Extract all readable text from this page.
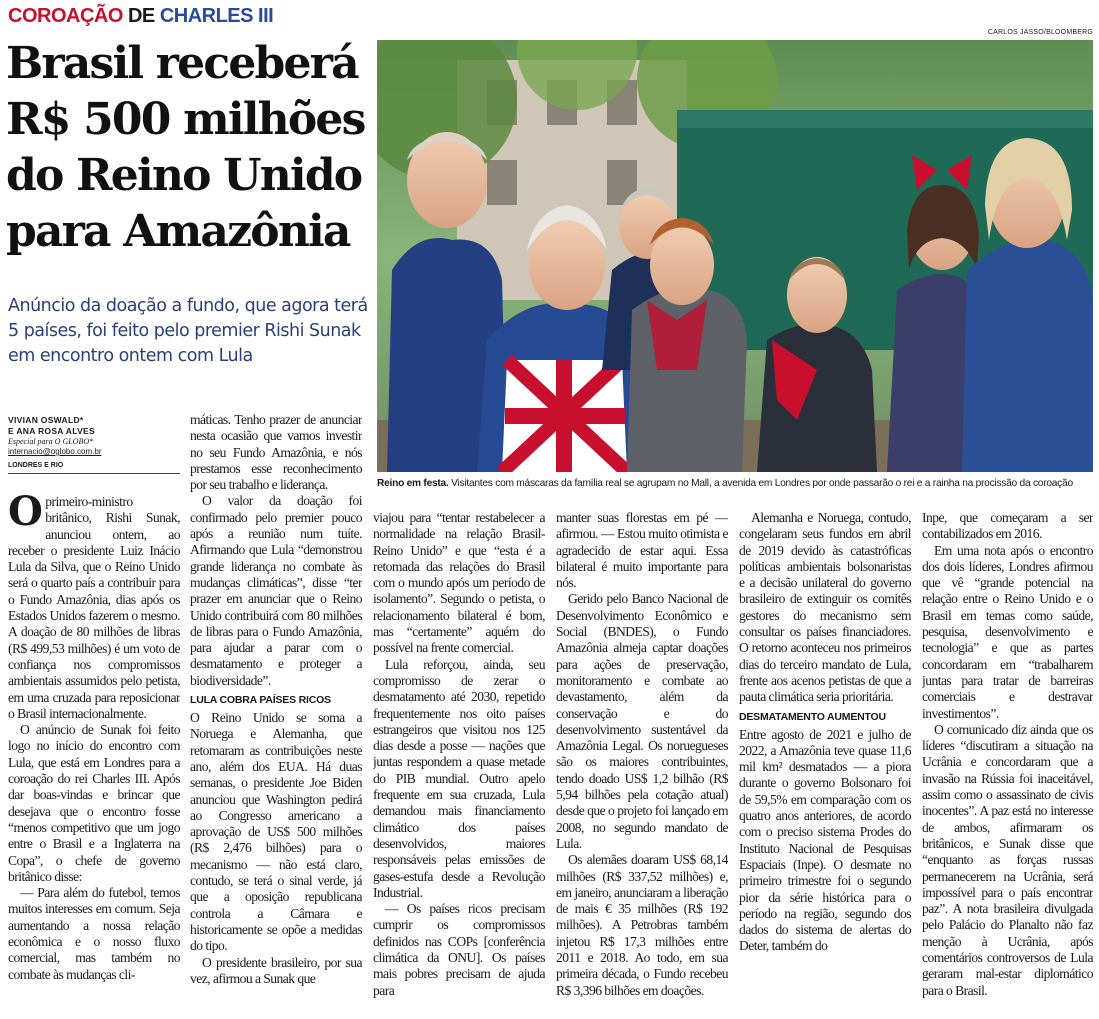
COROAÇÃO DE CHARLES III
Brasil receberá R$ 500 milhões do Reino Unido para Amazônia

Anúncio da doação a fundo, que agora terá 5 países, foi feito pelo premier Rishi Sunak em encontro ontem com Lula

CARLOS JASSO/BLOOMBERG
Reino em festa. Visitantes com máscaras da família real se agrupam no Mall, a avenida em Londres por onde passarão o rei e a rainha na procissão da coroação
VIVIAN OSWALD*
E ANA ROSA ALVES
Especial para O GLOBO*
internacio@oglobo.com.br
LONDRES E RIO

Oprimeiro-ministro britânico, Rishi Sunak, anunciou ontem, ao receber o presidente Luiz Inácio Lula da Silva, que o Reino Unido será o quarto país a contribuir para o Fundo Amazônia, dias após os Estados Unidos fazerem o mesmo. A doação de 80 milhões de libras (R$ 499,53 milhões) é um voto de confiança nos compromissos ambientais assumidos pelo petista, em uma cruzada para reposicionar o Brasil internacionalmente.

O anúncio de Sunak foi feito logo no início do encontro com Lula, que está em Londres para a coroação do rei Charles III. Após dar boas-vindas e brincar que desejava que o encontro fosse “menos competitivo que um jogo entre o Brasil e a Inglaterra na Copa”, o chefe de governo britânico disse:

— Para além do futebol, temos muitos interesses em comum. Seja aumentando a nossa relação econômica e o nosso fluxo comercial, mas também no combate às mudanças cli-

máticas. Tenho prazer de anunciar nesta ocasião que vamos investir no seu Fundo Amazônia, e nós prestamos esse reconhecimento por seu trabalho e liderança.

O valor da doação foi confirmado pelo premier pouco após a reunião num tuíte. Afirmando que Lula “demonstrou grande liderança no combate às mudanças climáticas”, disse “ter prazer em anunciar que o Reino Unido contribuirá com 80 milhões de libras para o Fundo Amazônia, para ajudar a parar com o desmatamento e proteger a biodiversidade”.

LULA COBRA PAÍSES RICOS

O Reino Unido se soma a Noruega e Alemanha, que retomaram as contribuições neste ano, além dos EUA. Há duas semanas, o presidente Joe Biden anunciou que Washington pedirá ao Congresso americano a aprovação de US$ 500 milhões (R$ 2,476 bilhões) para o mecanismo — não está claro, contudo, se terá o sinal verde, já que a oposição republicana controla a Câmara e historicamente se opõe a medidas do tipo.

O presidente brasileiro, por sua vez, afirmou a Sunak que

viajou para “tentar restabelecer a normalidade na relação Brasil-Reino Unido” e que “esta é a retomada das relações do Brasil com o mundo após um período de isolamento”. Segundo o petista, o relacionamento bilateral é bom, mas “certamente” aquém do possível na frente comercial.

Lula reforçou, ainda, seu compromisso de zerar o desmatamento até 2030, repetido frequentemente nos oito países estrangeiros que visitou nos 125 dias desde a posse — nações que juntas respondem a quase metade do PIB mundial. Outro apelo frequente em sua cruzada, Lula demandou mais financiamento climático dos países desenvolvidos, maiores responsáveis pelas emissões de gases-estufa desde a Revolução Industrial.

— Os países ricos precisam cumprir os compromissos definidos nas COPs [conferência climática da ONU]. Os países mais pobres precisam de ajuda para

manter suas florestas em pé — afirmou. — Estou muito otimista e agradecido de estar aqui. Essa bilateral é muito importante para nós.

Gerido pelo Banco Nacional de Desenvolvimento Econômico e Social (BNDES), o Fundo Amazônia almeja captar doações para ações de preservação, monitoramento e combate ao devastamento, além da conservação e do desenvolvimento sustentável da Amazônia Legal. Os noruegueses são os maiores contribuintes, tendo doado US$ 1,2 bilhão (R$ 5,94 bilhões pela cotação atual) desde que o projeto foi lançado em 2008, no segundo mandato de Lula.

Os alemães doaram US$ 68,14 milhões (R$ 337,52 milhões) e, em janeiro, anunciaram a liberação de mais € 35 milhões (R$ 192 milhões). A Petrobras também injetou R$ 17,3 milhões entre 2011 e 2018. Ao todo, em sua primeira década, o Fundo recebeu R$ 3,396 bilhões em doações.

Alemanha e Noruega, contudo, congelaram seus fundos em abril de 2019 devido às catastróficas políticas ambientais bolsonaristas e a decisão unilateral do governo brasileiro de extinguir os comitês gestores do mecanismo sem consultar os países financiadores. O retorno aconteceu nos primeiros dias do terceiro mandato de Lula, frente aos acenos petistas de que a pauta climática seria prioritária.

DESMATAMENTO AUMENTOU

Entre agosto de 2021 e julho de 2022, a Amazônia teve quase 11,6 mil km² desmatados — a piora durante o governo Bolsonaro foi de 59,5% em comparação com os quatro anos anteriores, de acordo com o preciso sistema Prodes do Instituto Nacional de Pesquisas Espaciais (Inpe). O desmate no primeiro trimestre foi o segundo pior da série histórica para o período na região, segundo dos dados do sistema de alertas do Deter, também do

Inpe, que começaram a ser contabilizados em 2016.

Em uma nota após o encontro dos dois líderes, Londres afirmou que vê “grande potencial na relação entre o Reino Unido e o Brasil em temas como saúde, pesquisa, desenvolvimento e tecnologia” e que as partes concordaram em “trabalharem juntas para tratar de barreiras comerciais e destravar investimentos”.

O comunicado diz ainda que os líderes “discutiram a situação na Ucrânia e concordaram que a invasão na Rússia foi inaceitável, assim como o assassinato de civis inocentes”. A paz está no interesse de ambos, afirmaram os britânicos, e Sunak disse que “enquanto as forças russas permanecerem na Ucrânia, será impossível para o país encontrar paz”. A nota brasileira divulgada pelo Palácio do Planalto não faz menção à Ucrânia, após comentários controversos de Lula geraram mal-estar diplomático para o Brasil.
